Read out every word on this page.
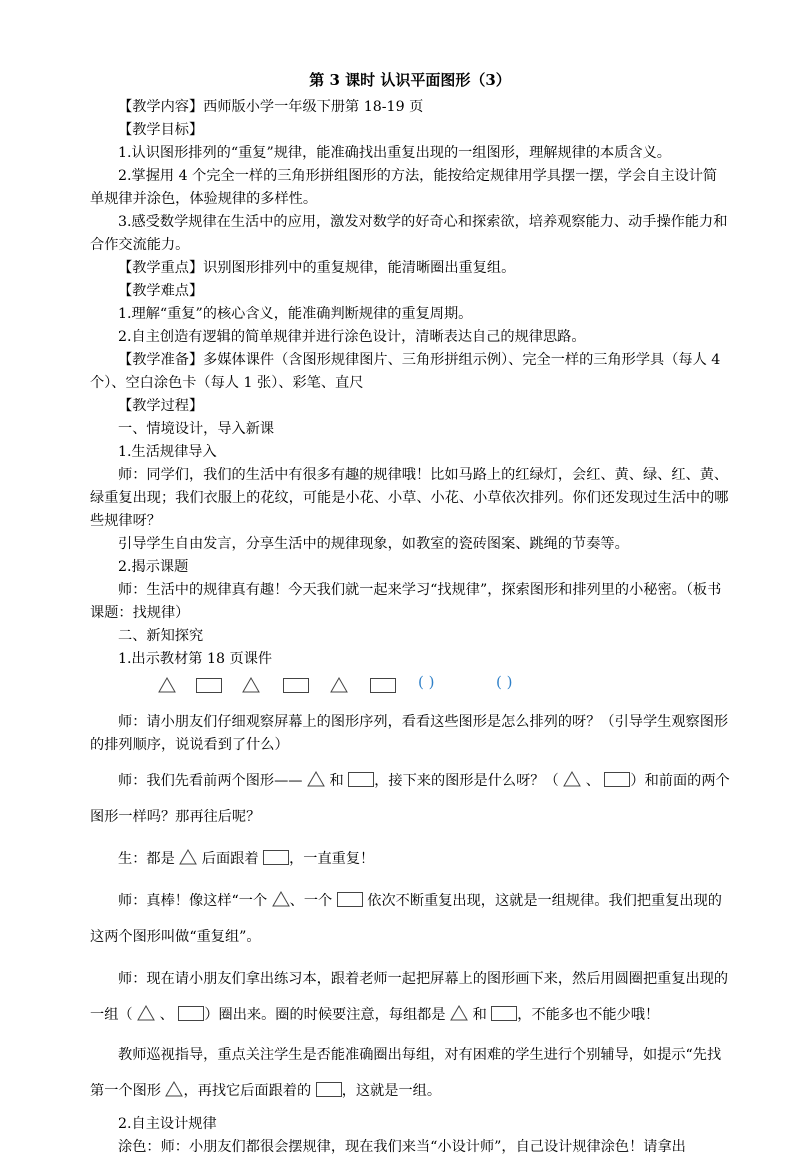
第 3 课时 认识平面图形（3）

【教学内容】西师版小学一年级下册第 18-19 页

【教学目标】

1.认识图形排列的“重复”规律，能准确找出重复出现的一组图形，理解规律的本质含义。

2.掌握用 4 个完全一样的三角形拼组图形的方法，能按给定规律用学具摆一摆，学会自主设计简单规律并涂色，体验规律的多样性。

3.感受数学规律在生活中的应用，激发对数学的好奇心和探索欲，培养观察能力、动手操作能力和合作交流能力。

【教学重点】识别图形排列中的重复规律，能清晰圈出重复组。

【教学难点】

1.理解“重复”的核心含义，能准确判断规律的重复周期。

2.自主创造有逻辑的简单规律并进行涂色设计，清晰表达自己的规律思路。

【教学准备】多媒体课件（含图形规律图片、三角形拼组示例）、完全一样的三角形学具（每人 4 个）、空白涂色卡（每人 1 张）、彩笔、直尺

【教学过程】

一、情境设计，导入新课

1.生活规律导入

师：同学们，我们的生活中有很多有趣的规律哦！比如马路上的红绿灯，会红、黄、绿、红、黄、绿重复出现；我们衣服上的花纹，可能是小花、小草、小花、小草依次排列。你们还发现过生活中的哪些规律呀？

引导学生自由发言，分享生活中的规律现象，如教室的瓷砖图案、跳绳的节奏等。

2.揭示课题

师：生活中的规律真有趣！今天我们就一起来学习“找规律”，探索图形和排列里的小秘密。（板书课题：找规律）

二、新知探究

1.出示教材第 18 页课件

( )	( )

师：请小朋友们仔细观察屏幕上的图形序列，看看这些图形是怎么排列的呀？（引导学生观察图形的排列顺序，说说看到了什么）

师：我们先看前两个图形—— 和 ，接下来的图形是什么呀？（ 、 ）和前面的两个图形一样吗？那再往后呢？

生：都是 后面跟着 ，一直重复！

师：真棒！像这样“一个 、一个 依次不断重复出现，这就是一组规律。我们把重复出现的这两个图形叫做“重复组”。

师：现在请小朋友们拿出练习本，跟着老师一起把屏幕上的图形画下来，然后用圆圈把重复出现的一组（ 、 ）圈出来。圈的时候要注意，每组都是 和 ，不能多也不能少哦！

教师巡视指导，重点关注学生是否能准确圈出每组，对有困难的学生进行个别辅导，如提示“先找第一个图形 ，再找它后面跟着的 ，这就是一组。

2.自主设计规律

涂色：师：小朋友们都很会摆规律，现在我们来当“小设计师”，自己设计规律涂色！请拿出
